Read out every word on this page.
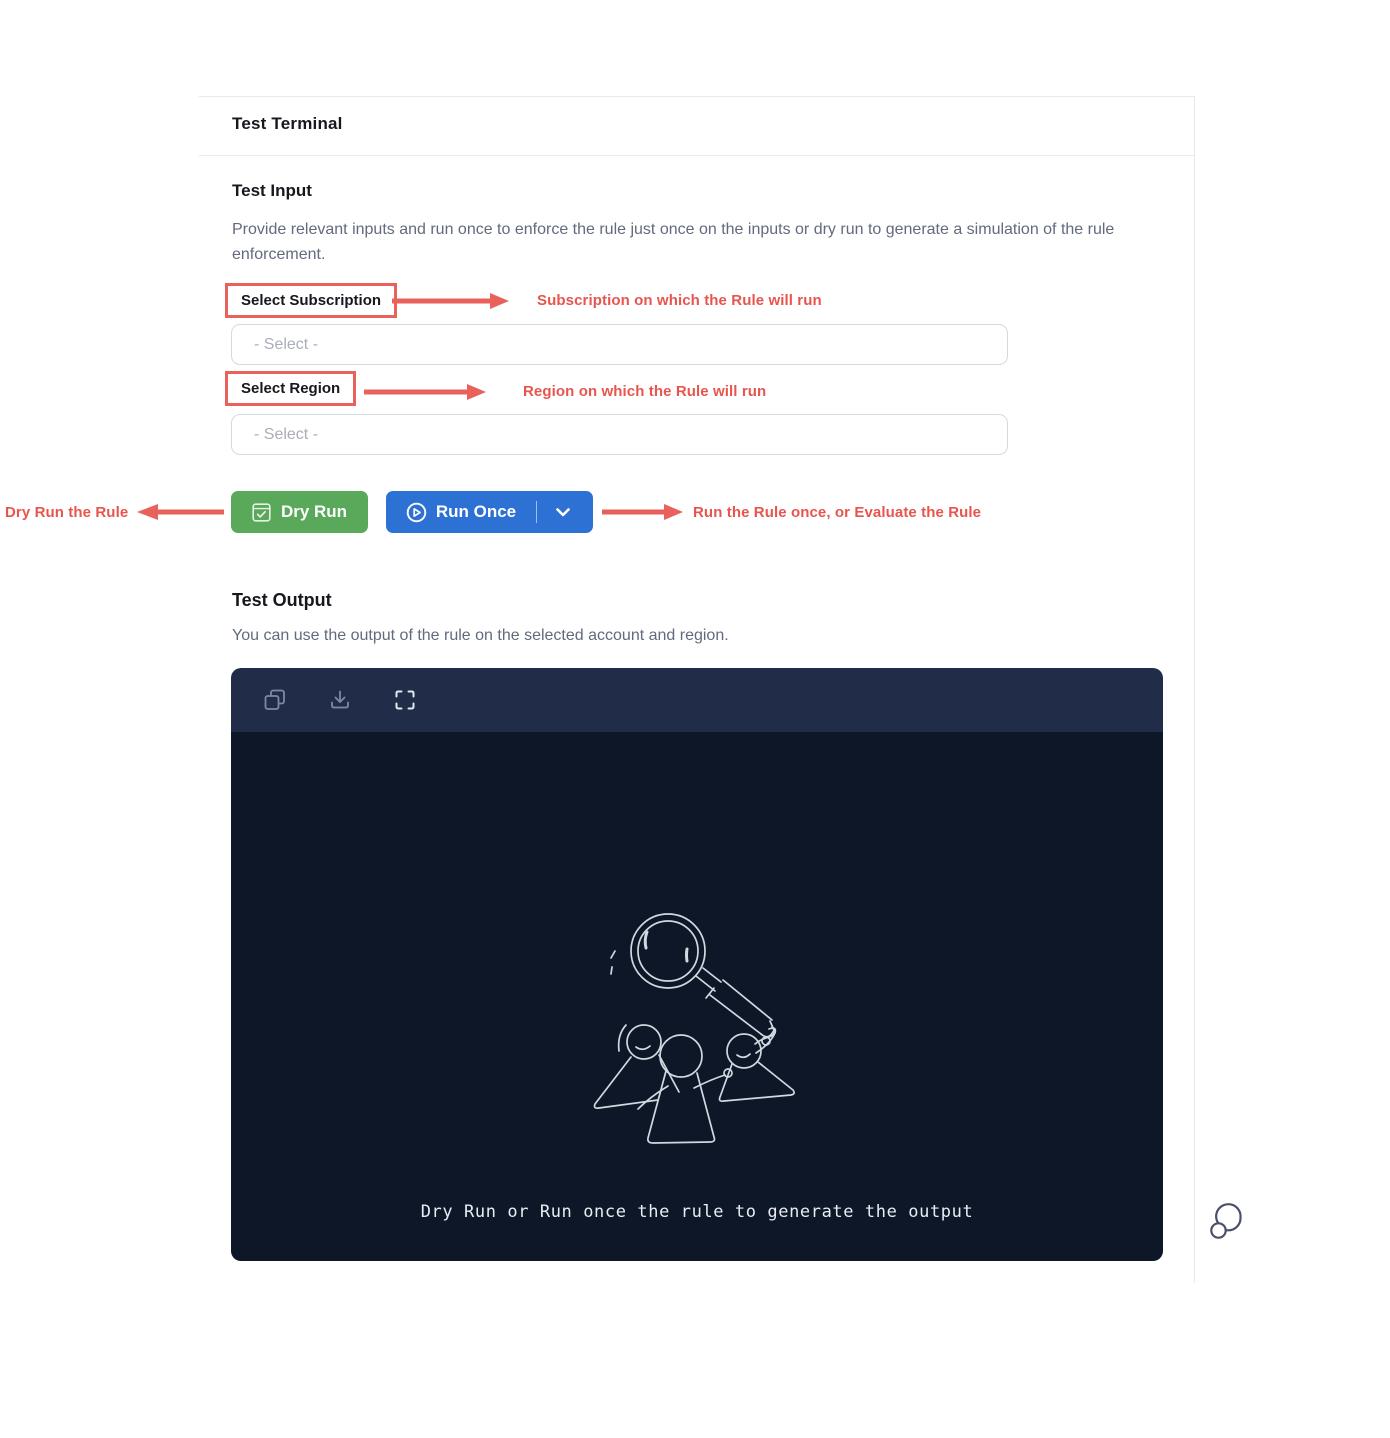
Test Terminal
Test Input
Provide relevant inputs and run once to enforce the rule just once on the inputs or dry run to generate a simulation of the rule enforcement.
Select Subscription	Subscription on which the Rule will run
- Select -
Select Region	Region on which the Rule will run
- Select -
Dry Run the Rule	Dry Run	Run Once	Run the Rule once, or Evaluate the Rule
Test Output
You can use the output of the rule on the selected account and region.
Dry Run or Run once the rule to generate the output
